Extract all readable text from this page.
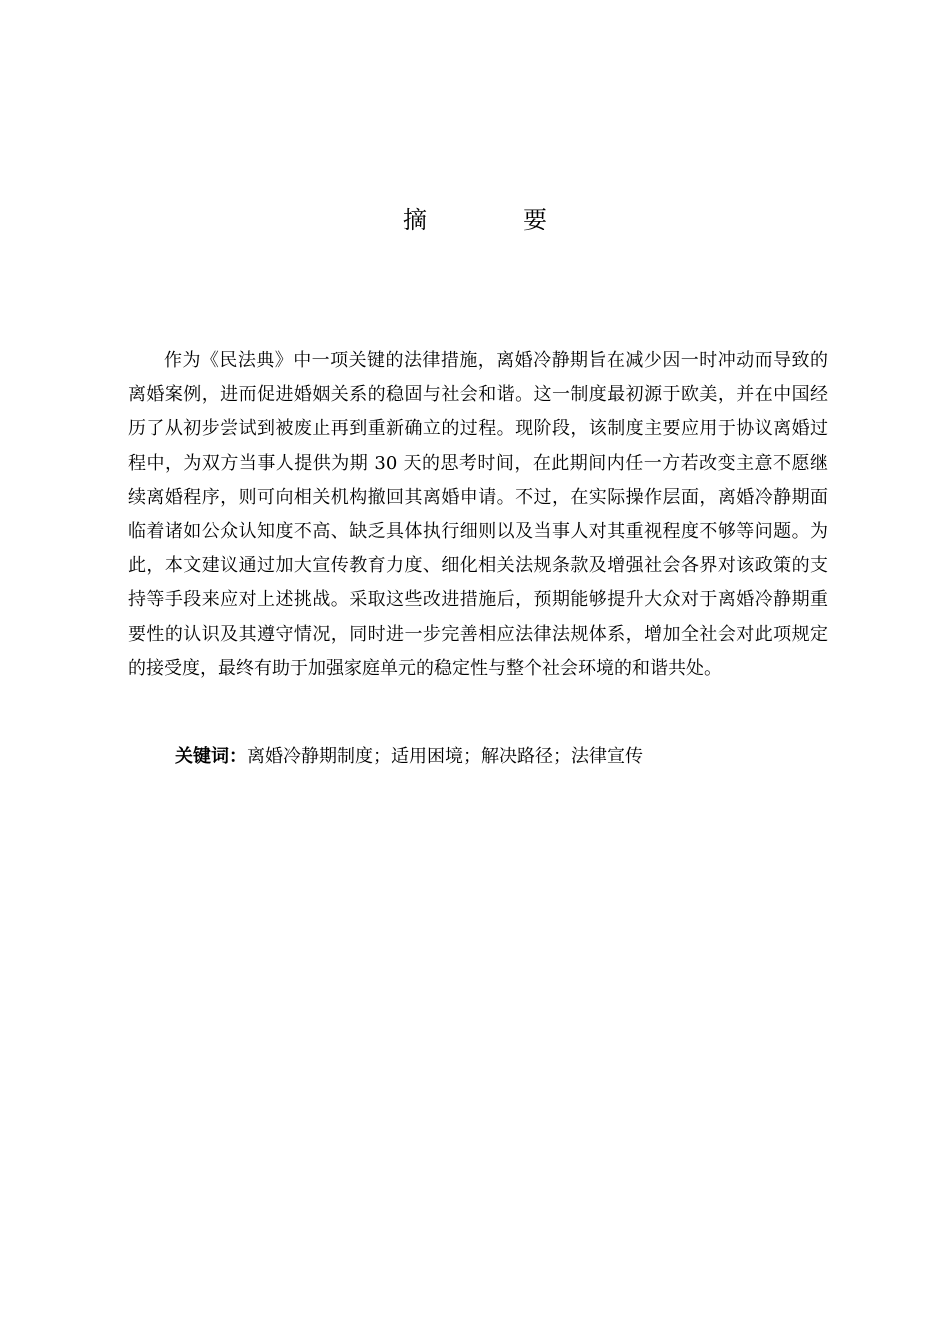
摘　要

作为《民法典》中一项关键的法律措施，离婚冷静期旨在减少因一时冲动而导致的离婚案例，进而促进婚姻关系的稳固与社会和谐。这一制度最初源于欧美，并在中国经历了从初步尝试到被废止再到重新确立的过程。现阶段，该制度主要应用于协议离婚过程中，为双方当事人提供为期 30 天的思考时间，在此期间内任一方若改变主意不愿继续离婚程序，则可向相关机构撤回其离婚申请。不过，在实际操作层面，离婚冷静期面临着诸如公众认知度不高、缺乏具体执行细则以及当事人对其重视程度不够等问题。为此，本文建议通过加大宣传教育力度、细化相关法规条款及增强社会各界对该政策的支持等手段来应对上述挑战。采取这些改进措施后，预期能够提升大众对于离婚冷静期重要性的认识及其遵守情况，同时进一步完善相应法律法规体系，增加全社会对此项规定的接受度，最终有助于加强家庭单元的稳定性与整个社会环境的和谐共处。

关键词：离婚冷静期制度；适用困境；解决路径；法律宣传
